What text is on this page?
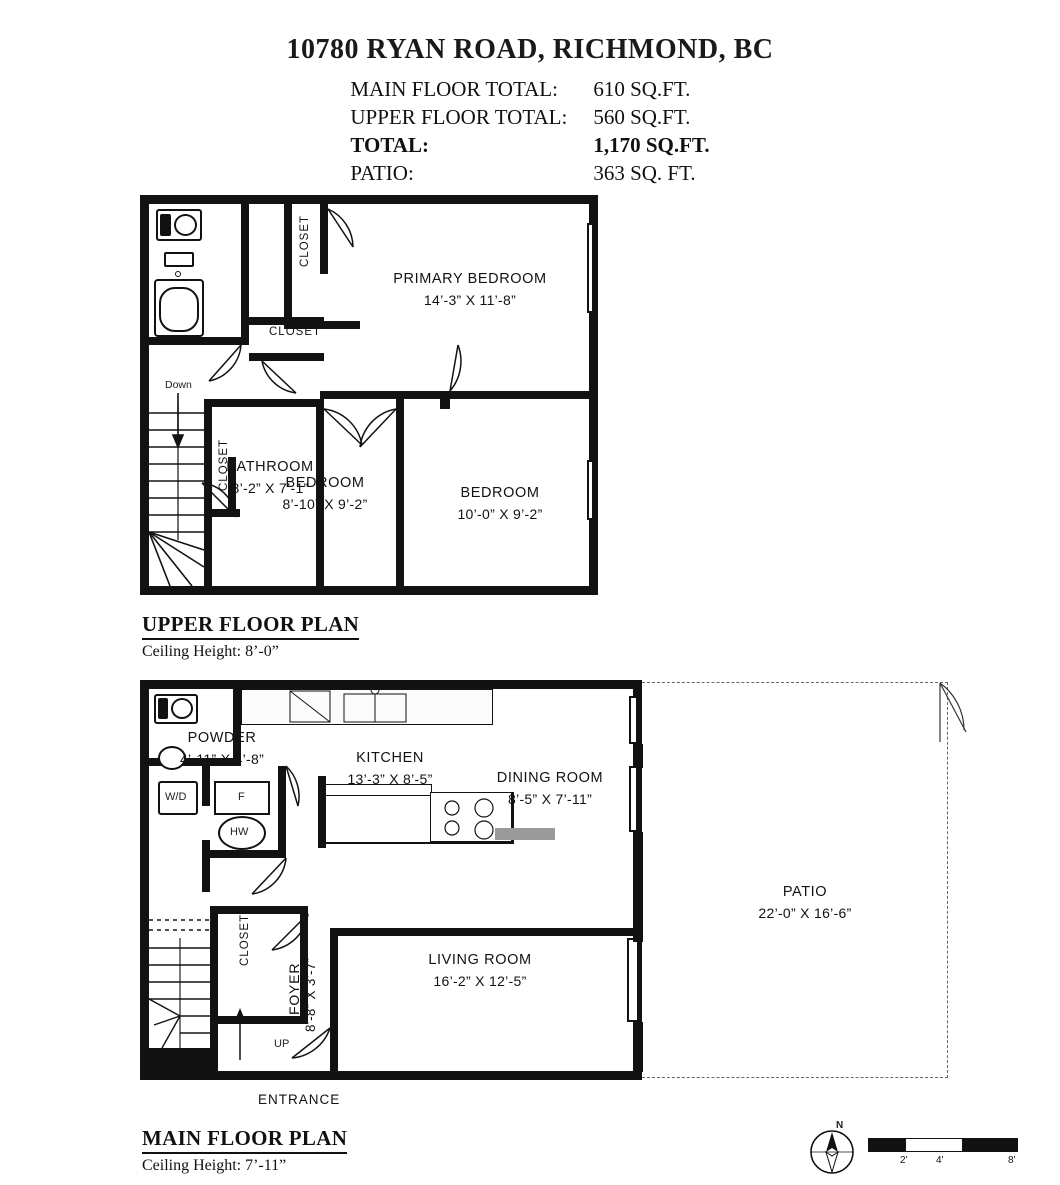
10780 RYAN ROAD, RICHMOND, BC
MAIN FLOOR TOTAL:	610 SQ.FT.
UPPER FLOOR TOTAL:	560 SQ.FT.
TOTAL:	1,170 SQ.FT.
PATIO:	363 SQ. FT.
BATHROOM
8’-2” X 7’-1”
PRIMARY BEDROOM
14’-3” X 11’-8”
BEDROOM
8’-10” X 9’-2”
BEDROOM
10’-0” X 9’-2”
CLOSET
CLOSET
CLOSET
Down
UPPER FLOOR PLAN
Ceiling Height: 8’-0”
W/D	F
HW
POWDER
4’-11” X 4’-8”	KITCHEN
13’-3” X 8’-5”	DINING ROOM
8’-5” X 7’-11”
LIVING ROOM
16’-2” X 12’-5”
PATIO
22’-0” X 16’-6”
CLOSET
FOYER 8’-8” X 3’-7”
UP
ENTRANCE
MAIN FLOOR PLAN
Ceiling Height: 7’-11”
N
2'	4'	8'
